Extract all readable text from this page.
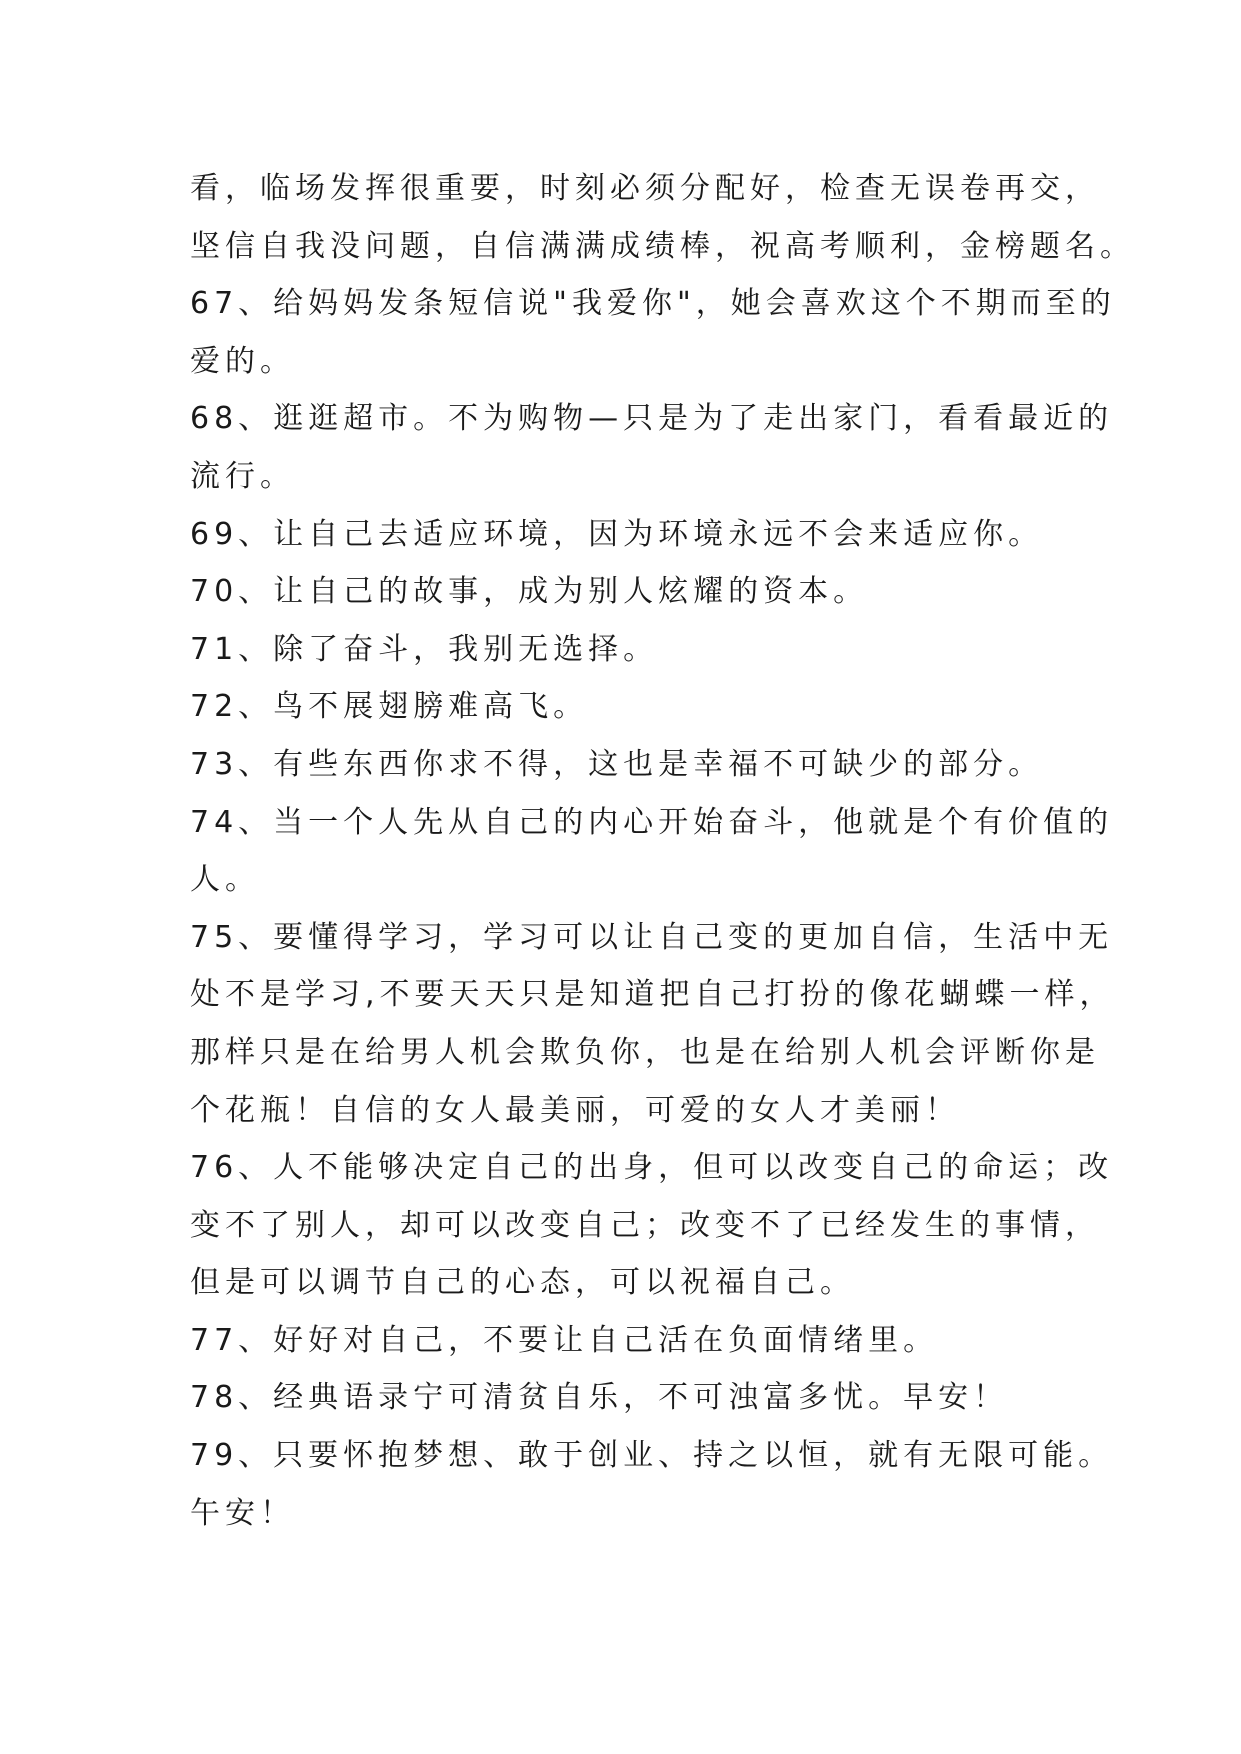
看，临场发挥很重要，时刻必须分配好，检查无误卷再交，
坚信自我没问题，自信满满成绩棒，祝高考顺利，金榜题名。
67、给妈妈发条短信说"我爱你"，她会喜欢这个不期而至的
爱的。
68、逛逛超市。不为购物—只是为了走出家门，看看最近的
流行。
69、让自己去适应环境，因为环境永远不会来适应你。
70、让自己的故事，成为别人炫耀的资本。
71、除了奋斗，我别无选择。
72、鸟不展翅膀难高飞。
73、有些东西你求不得，这也是幸福不可缺少的部分。
74、当一个人先从自己的内心开始奋斗，他就是个有价值的
人。
75、要懂得学习，学习可以让自己变的更加自信，生活中无
处不是学习,不要天天只是知道把自己打扮的像花蝴蝶一样，
那样只是在给男人机会欺负你，也是在给别人机会评断你是
个花瓶！自信的女人最美丽，可爱的女人才美丽！
76、人不能够决定自己的出身，但可以改变自己的命运；改
变不了别人，却可以改变自己；改变不了已经发生的事情，
但是可以调节自己的心态，可以祝福自己。
77、好好对自己，不要让自己活在负面情绪里。
78、经典语录宁可清贫自乐，不可浊富多忧。早安！
79、只要怀抱梦想、敢于创业、持之以恒，就有无限可能。
午安！
